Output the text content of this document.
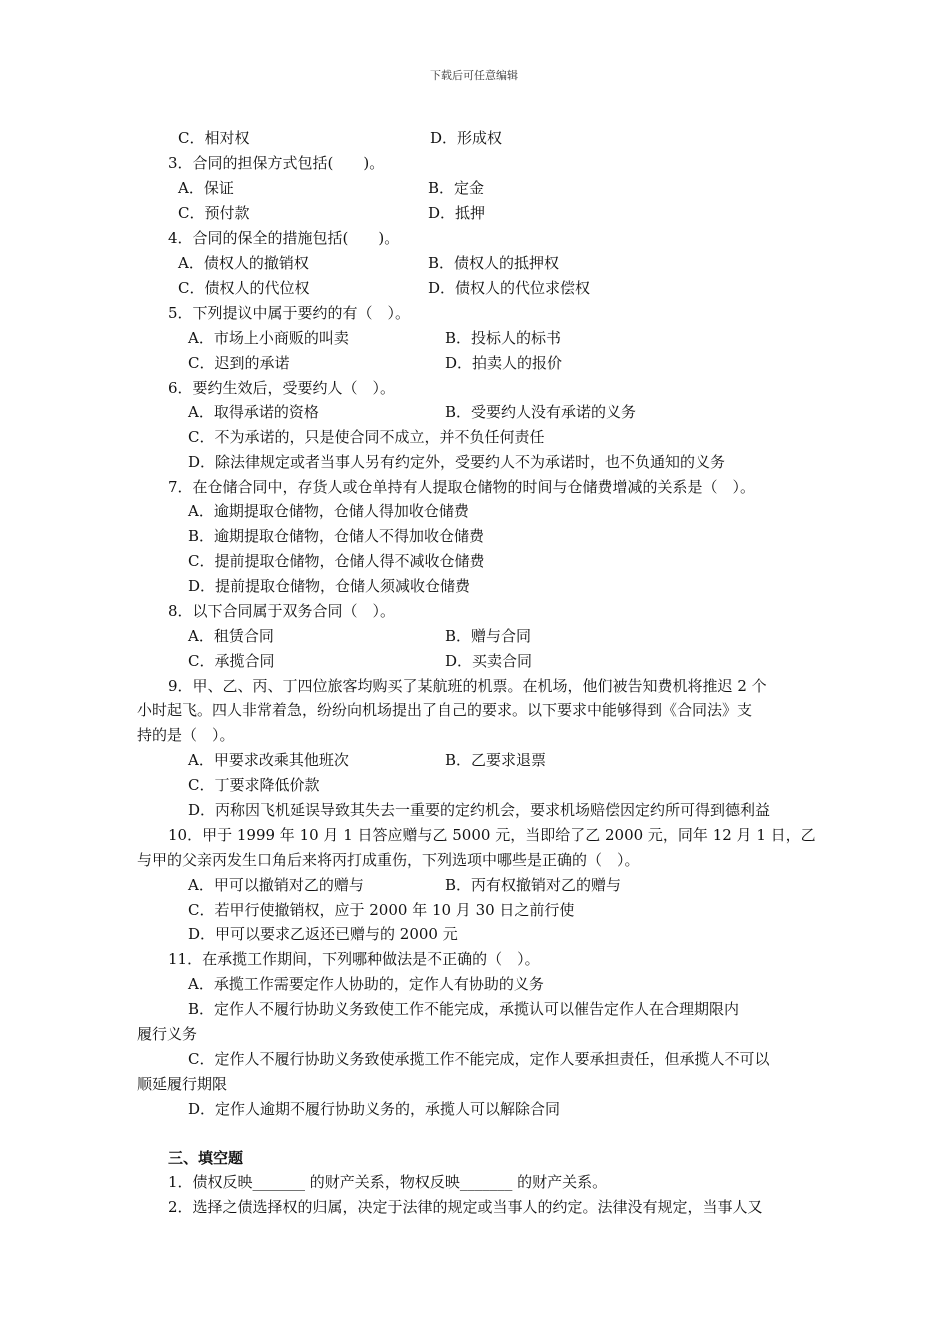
下载后可任意编辑
C．相对权	D．形成权
3．合同的担保方式包括(　　)。
A．保证	B．定金
C．预付款	D．抵押
4．合同的保全的措施包括(　　)。
A．债权人的撤销权	B．债权人的抵押权
C．债权人的代位权	D．债权人的代位求偿权
5．下列提议中属于要约的有（　）。
A．市场上小商贩的叫卖	B．投标人的标书
C．迟到的承诺	D．拍卖人的报价
6．要约生效后，受要约人（　）。
A．取得承诺的资格	B．受要约人没有承诺的义务
C．不为承诺的，只是使合同不成立，并不负任何责任
D．除法律规定或者当事人另有约定外，受要约人不为承诺时，也不负通知的义务
7．在仓储合同中，存货人或仓单持有人提取仓储物的时间与仓储费增减的关系是（　）。
A．逾期提取仓储物，仓储人得加收仓储费
B．逾期提取仓储物，仓储人不得加收仓储费
C．提前提取仓储物，仓储人得不减收仓储费
D．提前提取仓储物，仓储人须减收仓储费
8．以下合同属于双务合同（　）。
A．租赁合同	B．赠与合同
C．承揽合同	D．买卖合同
9．甲、乙、丙、丁四位旅客均购买了某航班的机票。在机场，他们被告知费机将推迟 2 个
小时起飞。四人非常着急，纷纷向机场提出了自己的要求。以下要求中能够得到《合同法》支
持的是（　）。
A．甲要求改乘其他班次	B．乙要求退票
C．丁要求降低价款
D．丙称因飞机延误导致其失去一重要的定约机会，要求机场赔偿因定约所可得到德利益
10．甲于 1999 年 10 月 1 日答应赠与乙 5000 元，当即给了乙 2000 元，同年 12 月 1 日，乙
与甲的父亲丙发生口角后来将丙打成重伤，下列选项中哪些是正确的（　）。
A．甲可以撤销对乙的赠与	B．丙有权撤销对乙的赠与
C．若甲行使撤销权，应于 2000 年 10 月 30 日之前行使
D．甲可以要求乙返还已赠与的 2000 元
11．在承揽工作期间，下列哪种做法是不正确的（　）。
A．承揽工作需要定作人协助的，定作人有协助的义务
B．定作人不履行协助义务致使工作不能完成，承揽认可以催告定作人在合理期限内
履行义务
C．定作人不履行协助义务致使承揽工作不能完成，定作人要承担责任，但承揽人不可以
顺延履行期限
D．定作人逾期不履行协助义务的，承揽人可以解除合同
三、填空题
1．债权反映_______ 的财产关系，物权反映_______ 的财产关系。
2．选择之债选择权的归属，决定于法律的规定或当事人的约定。法律没有规定，当事人又
